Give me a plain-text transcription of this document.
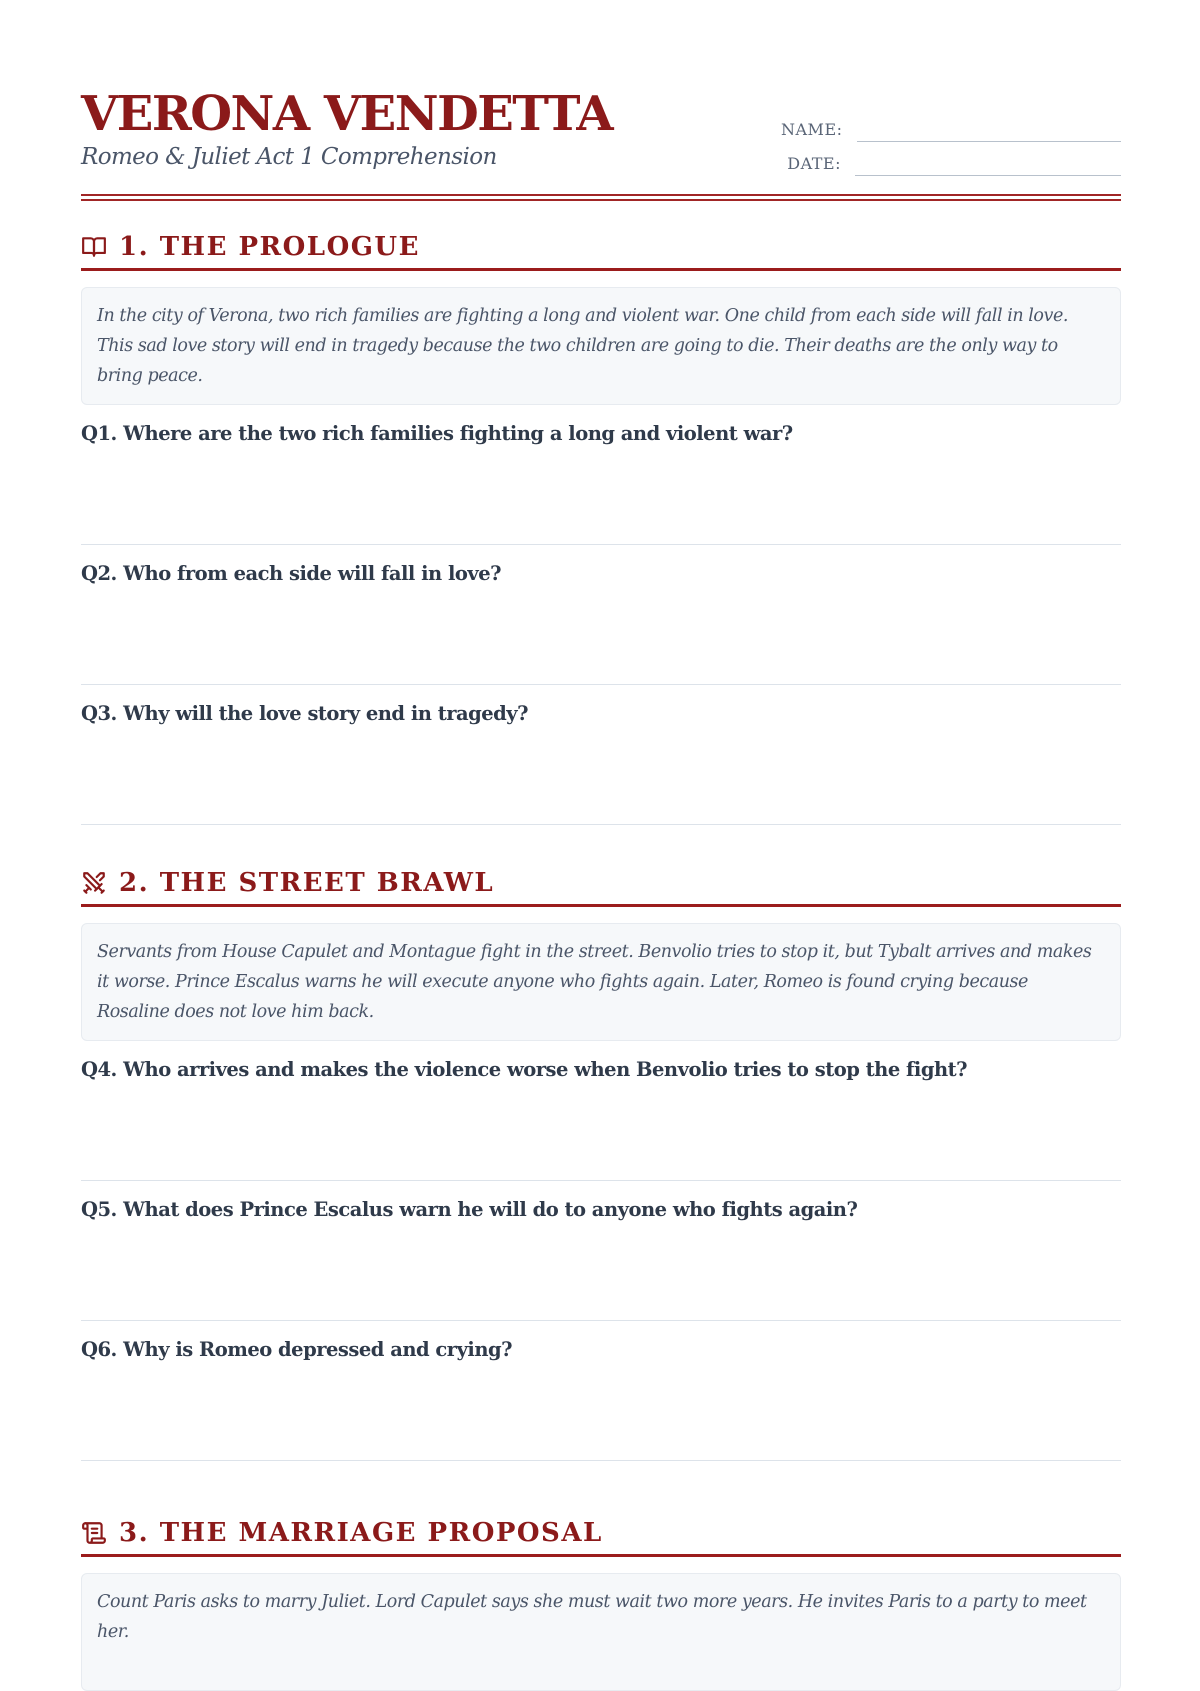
VERONA VENDETTA

Romeo & Juliet Act 1 Comprehension

NAME:
DATE:
1. THE PROLOGUE
In the city of Verona, two rich families are fighting a long and violent war. One child from each side will fall in love. This sad love story will end in tragedy because the two children are going to die. Their deaths are the only way to bring peace.
Q1. Where are the two rich families fighting a long and violent war?
Q2. Who from each side will fall in love?
Q3. Why will the love story end in tragedy?
2. THE STREET BRAWL
Servants from House Capulet and Montague fight in the street. Benvolio tries to stop it, but Tybalt arrives and makes it worse. Prince Escalus warns he will execute anyone who fights again. Later, Romeo is found crying because Rosaline does not love him back.
Q4. Who arrives and makes the violence worse when Benvolio tries to stop the fight?
Q5. What does Prince Escalus warn he will do to anyone who fights again?
Q6. Why is Romeo depressed and crying?
3. THE MARRIAGE PROPOSAL
Count Paris asks to marry Juliet. Lord Capulet says she must wait two more years. He invites Paris to a party to meet her.
